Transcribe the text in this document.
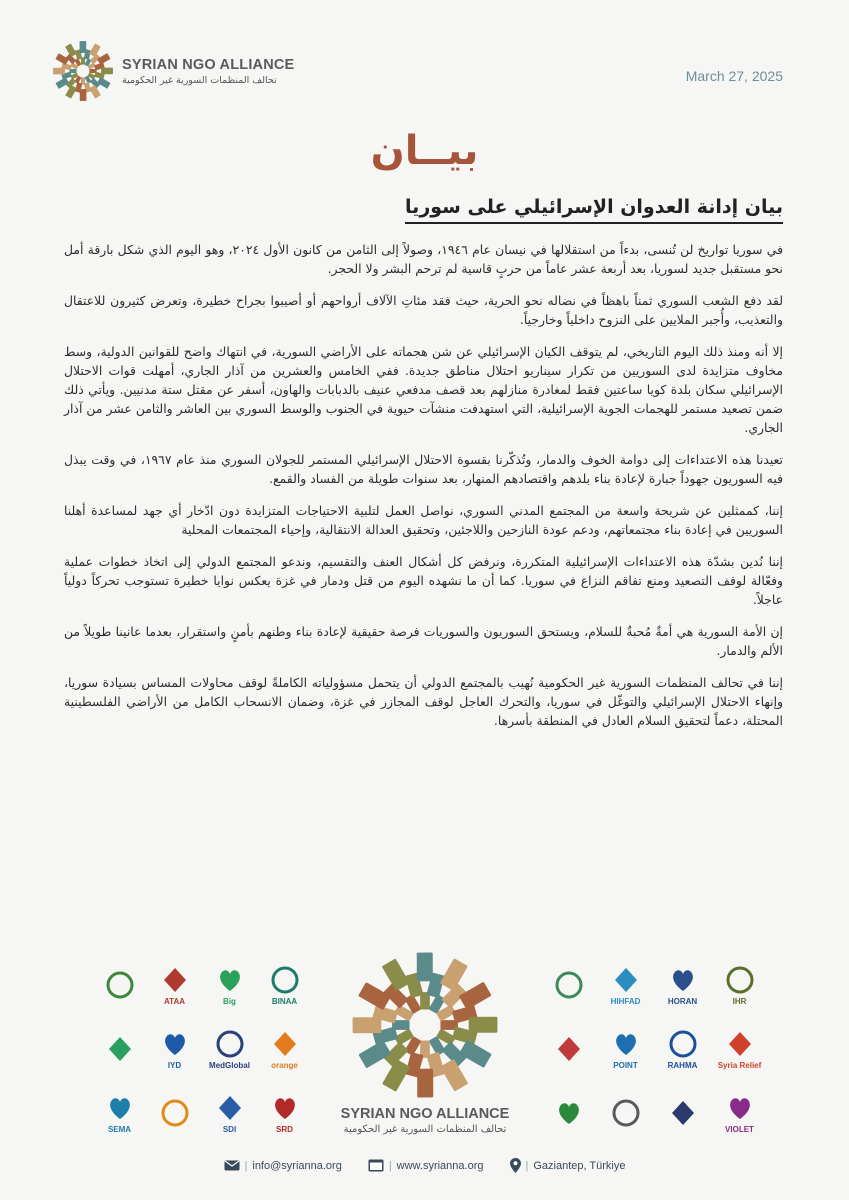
SYRIAN NGO ALLIANCE
تحالف المنظمات السورية غير الحكومية	March 27, 2025
بيــان
بيان إدانة العدوان الإسرائيلي على سوريا

في سوريا تواريخ لن تُنسى، بدءاً من استقلالها في نيسان عام ١٩٤٦، وصولاً إلى الثامن من كانون الأول ٢٠٢٤، وهو اليوم الذي شكل بارقة أمل نحو مستقبل جديد لسوريا، بعد أربعة عشر عاماً من حربٍ قاسية لم ترحم البشر ولا الحجر.

لقد دفع الشعب السوري ثمناً باهظاً في نضاله نحو الحرية، حيث فقد مئاتِ الآلاف أرواحهم أو أصيبوا بجراح خطيرة، وتعرض كثيرون للاعتقال والتعذيب، وأُجبر الملايين على النزوح داخلياً وخارجياً.

إلا أنه ومنذ ذلك اليوم التاريخي، لم يتوقف الكيان الإسرائيلي عن شن هجماته على الأراضي السورية، في انتهاك واضح للقوانين الدولية، وسط مخاوف متزايدة لدى السوريين من تكرار سيناريو احتلال مناطق جديدة. ففي الخامس والعشرين من آذار الجاري، أمهلت قوات الاحتلال الإسرائيلي سكان بلدة كويا ساعتين فقط لمغادرة منازلهم بعد قصف مدفعي عنيف بالدبابات والهاون، أسفر عن مقتل ستة مدنيين. ويأتي ذلك ضمن تصعيد مستمر للهجمات الجوية الإسرائيلية، التي استهدفت منشآت حيوية في الجنوب والوسط السوري بين العاشر والثامن عشر من آذار الجاري.

تعيدنا هذه الاعتداءات إلى دوامة الخوف والدمار، وتُذكّرنا بقسوة الاحتلال الإسرائيلي المستمر للجولان السوري منذ عام ١٩٦٧، في وقت يبذل فيه السوريون جهوداً جبارة لإعادة بناء بلدهم واقتصادهم المنهار، بعد سنوات طويلة من الفساد والقمع.

إننا، كممثلين عن شريحة واسعة من المجتمع المدني السوري، نواصل العمل لتلبية الاحتياجات المتزايدة دون ادّخار أي جهد لمساعدة أهلنا السوريين في إعادة بناء مجتمعاتهم، ودعم عودة النازحين واللاجئين، وتحقيق العدالة الانتقالية، وإحياء المجتمعات المحلية

إننا نُدين بشدّة هذه الاعتداءات الإسرائيلية المتكررة، ونرفض كل أشكال العنف والتقسيم، وندعو المجتمع الدولي إلى اتخاذ خطوات عملية وفعّالة لوقف التصعيد ومنع تفاقم النزاع في سوريا. كما أن ما نشهده اليوم من قتل ودمار في غزة يعكس نوايا خطيرة تستوجب تحركاً دولياً عاجلاً.

إن الأمة السورية هي أمةٌ مُحبةٌ للسلام، ويستحق السوريون والسوريات فرصة حقيقية لإعادة بناء وطنهم بأمنٍ واستقرار، بعدما عانينا طويلاً من الألم والدمار.

إننا في تحالف المنظمات السورية غير الحكومية نُهيب بالمجتمع الدولي أن يتحمل مسؤولياته الكاملةً لوقف محاولات المساس بسيادة سوريا، وإنهاء الاحتلال الإسرائيلي والتوغّل في سوريا، والتحرك العاجل لوقف المجازر في غزة، وضمان الانسحاب الكامل من الأراضي الفلسطينية المحتلة، دعماً لتحقيق السلام العادل في المنطقة بأسرها.

ATAA	Big	BINAA
IYD	MedGlobal	orange
SEMA	SDI	SRD
SYRIAN NGO ALLIANCE
تحالف المنظمات السورية غير الحكومية
HIHFAD	HORAN	IHR
POINT	RAHMA	Syria Relief
VIOLET
| info@syrianna.org	| www.syrianna.org	| Gaziantep, Türkiye
